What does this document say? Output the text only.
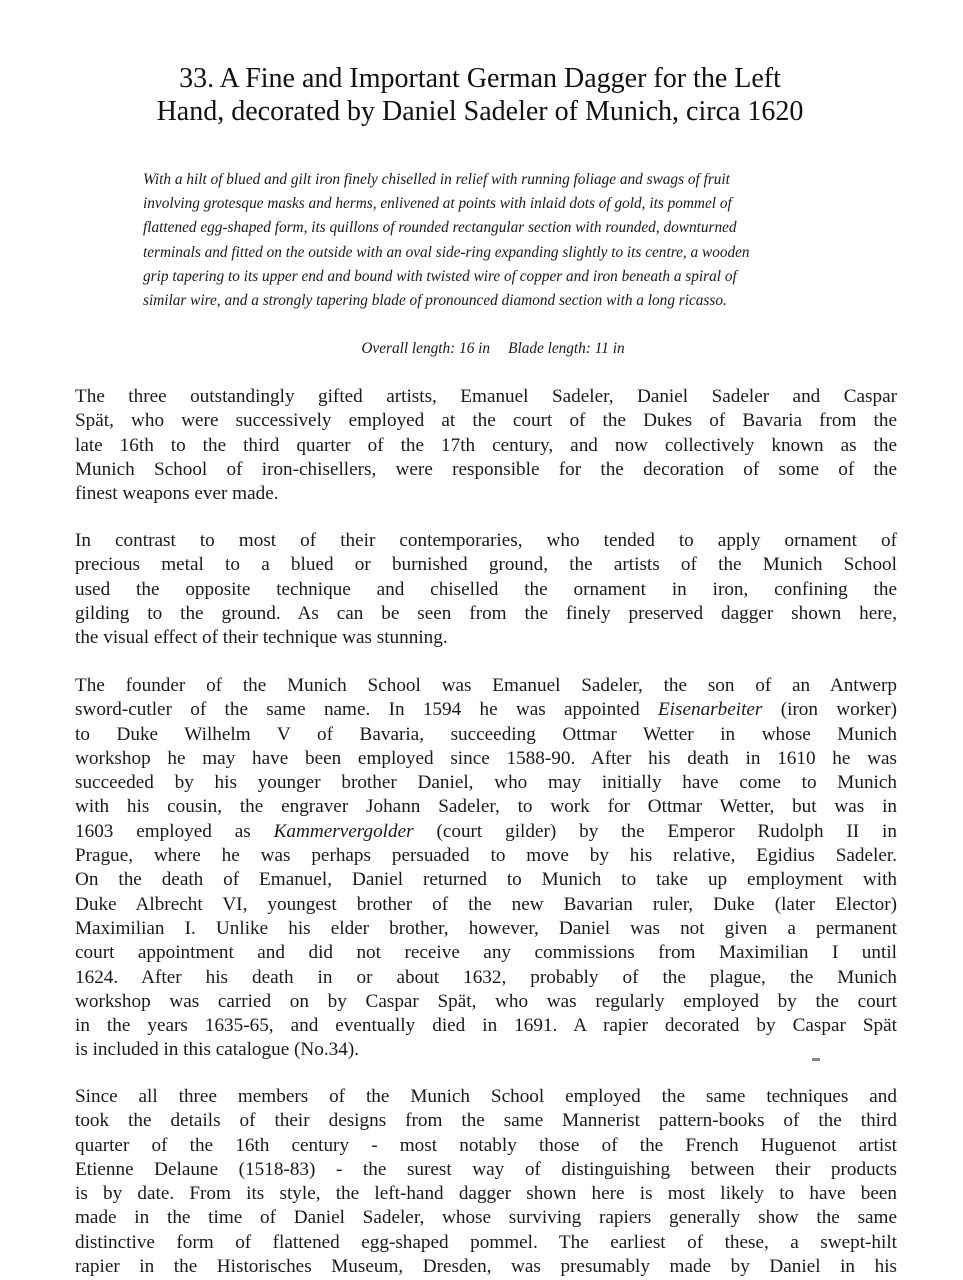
33. A Fine and Important German Dagger for the Left
Hand, decorated by Daniel Sadeler of Munich, circa 1620
With a hilt of blued and gilt iron finely chiselled in relief with running foliage and swags of fruit
involving grotesque masks and herms, enlivened at points with inlaid dots of gold, its pommel of
flattened egg-shaped form, its quillons of rounded rectangular section with rounded, downturned
terminals and fitted on the outside with an oval side-ring expanding slightly to its centre, a wooden
grip tapering to its upper end and bound with twisted wire of copper and iron beneath a spiral of
similar wire, and a strongly tapering blade of pronounced diamond section with a long ricasso.
Overall length: 16 in Blade length: 11 in
The three outstandingly gifted artists, Emanuel Sadeler, Daniel Sadeler and Caspar
Spät, who were successively employed at the court of the Dukes of Bavaria from the
late 16th to the third quarter of the 17th century, and now collectively known as the
Munich School of iron-chisellers, were responsible for the decoration of some of the
finest weapons ever made.
In contrast to most of their contemporaries, who tended to apply ornament of
precious metal to a blued or burnished ground, the artists of the Munich School
used the opposite technique and chiselled the ornament in iron, confining the
gilding to the ground. As can be seen from the finely preserved dagger shown here,
the visual effect of their technique was stunning.
The founder of the Munich School was Emanuel Sadeler, the son of an Antwerp
sword-cutler of the same name. In 1594 he was appointed Eisenarbeiter (iron worker)
to Duke Wilhelm V of Bavaria, succeeding Ottmar Wetter in whose Munich
workshop he may have been employed since 1588-90. After his death in 1610 he was
succeeded by his younger brother Daniel, who may initially have come to Munich
with his cousin, the engraver Johann Sadeler, to work for Ottmar Wetter, but was in
1603 employed as Kammervergolder (court gilder) by the Emperor Rudolph II in
Prague, where he was perhaps persuaded to move by his relative, Egidius Sadeler.
On the death of Emanuel, Daniel returned to Munich to take up employment with
Duke Albrecht VI, youngest brother of the new Bavarian ruler, Duke (later Elector)
Maximilian I. Unlike his elder brother, however, Daniel was not given a permanent
court appointment and did not receive any commissions from Maximilian I until
1624. After his death in or about 1632, probably of the plague, the Munich
workshop was carried on by Caspar Spät, who was regularly employed by the court
in the years 1635-65, and eventually died in 1691. A rapier decorated by Caspar Spät
is included in this catalogue (No.34).
Since all three members of the Munich School employed the same techniques and
took the details of their designs from the same Mannerist pattern-books of the third
quarter of the 16th century - most notably those of the French Huguenot artist
Etienne Delaune (1518-83) - the surest way of distinguishing between their products
is by date. From its style, the left-hand dagger shown here is most likely to have been
made in the time of Daniel Sadeler, whose surviving rapiers generally show the same
distinctive form of flattened egg-shaped pommel. The earliest of these, a swept-hilt
rapier in the Historisches Museum, Dresden, was presumably made by Daniel in his
